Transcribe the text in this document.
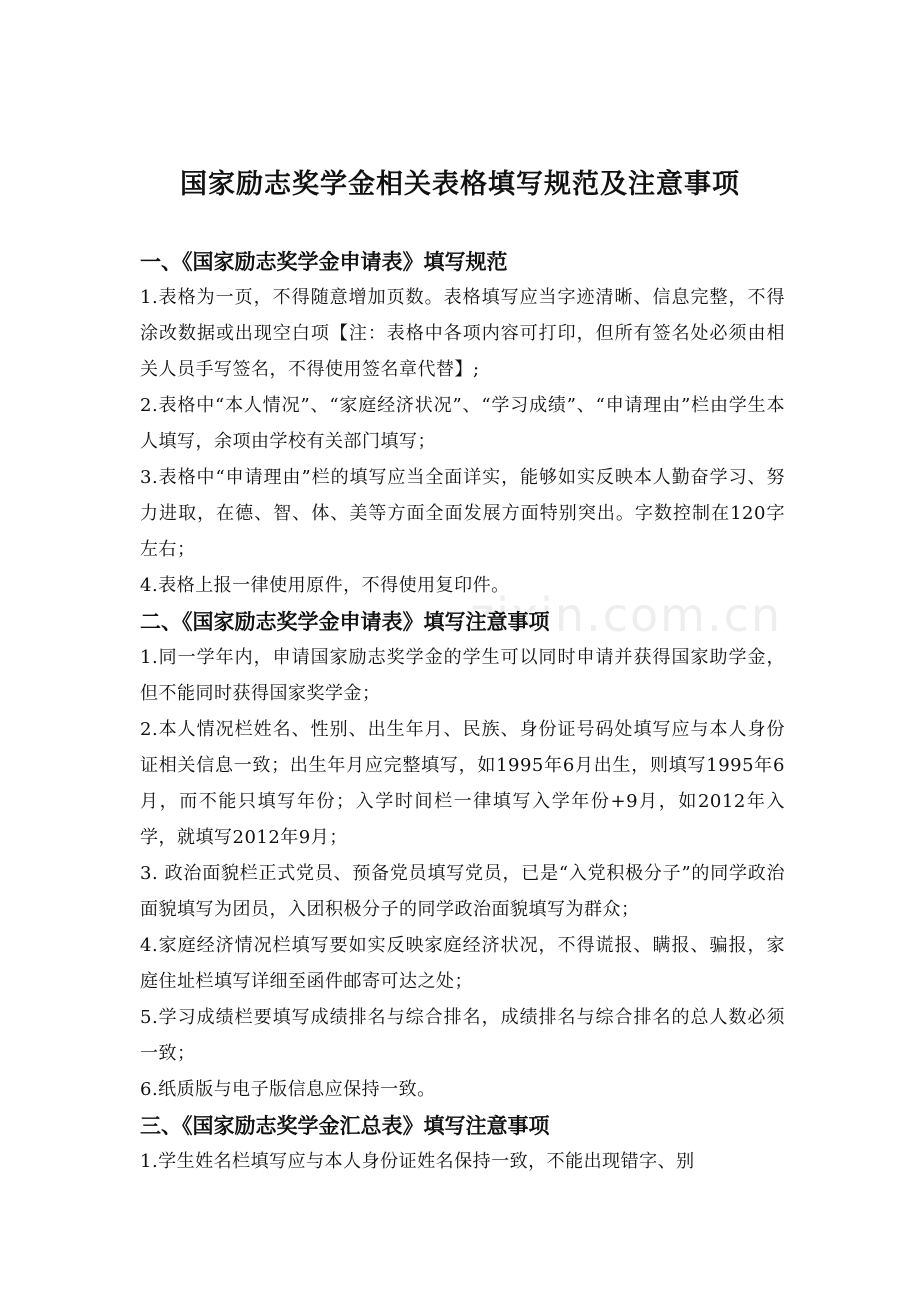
国家励志奖学金相关表格填写规范及注意事项
zixin.com.cn
一、《国家励志奖学金申请表》填写规范

1.表格为一页，不得随意增加页数。表格填写应当字迹清晰、信息完整，不得涂改数据或出现空白项【注：表格中各项内容可打印，但所有签名处必须由相关人员手写签名，不得使用签名章代替】;

2.表格中“本人情况”、“家庭经济状况”、“学习成绩”、“申请理由”栏由学生本人填写，余项由学校有关部门填写；

3.表格中“申请理由”栏的填写应当全面详实，能够如实反映本人勤奋学习、努力进取，在德、智、体、美等方面全面发展方面特别突出。字数控制在120字左右；

4.表格上报一律使用原件，不得使用复印件。

二、《国家励志奖学金申请表》填写注意事项

1.同一学年内，申请国家励志奖学金的学生可以同时申请并获得国家助学金，但不能同时获得国家奖学金；

2.本人情况栏姓名、性别、出生年月、民族、身份证号码处填写应与本人身份证相关信息一致；出生年月应完整填写，如1995年6月出生，则填写1995年6月，而不能只填写年份；入学时间栏一律填写入学年份+9月，如2012年入学，就填写2012年9月；

3. 政治面貌栏正式党员、预备党员填写党员，已是“入党积极分子”的同学政治面貌填写为团员，入团积极分子的同学政治面貌填写为群众；

4.家庭经济情况栏填写要如实反映家庭经济状况，不得谎报、瞒报、骗报，家庭住址栏填写详细至函件邮寄可达之处；

5.学习成绩栏要填写成绩排名与综合排名，成绩排名与综合排名的总人数必须一致；

6.纸质版与电子版信息应保持一致。

三、《国家励志奖学金汇总表》填写注意事项

1.学生姓名栏填写应与本人身份证姓名保持一致，不能出现错字、别
